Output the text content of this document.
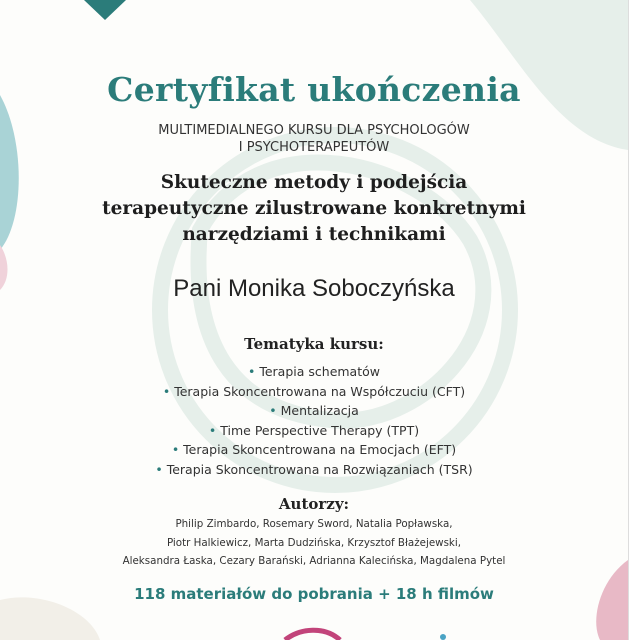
Certyfikat ukończenia
MULTIMEDIALNEGO KURSU DLA PSYCHOLOGÓW
I PSYCHOTERAPEUTÓW
Skuteczne metody i podejścia
terapeutyczne zilustrowane konkretnymi
narzędziami i technikami
Pani Monika Soboczyńska
Tematyka kursu:
• Terapia schematów
• Terapia Skoncentrowana na Współczuciu (CFT)
• Mentalizacja
• Time Perspective Therapy (TPT)
• Terapia Skoncentrowana na Emocjach (EFT)
• Terapia Skoncentrowana na Rozwiązaniach (TSR)
Autorzy:
Philip Zimbardo, Rosemary Sword, Natalia Popławska,
Piotr Halkiewicz, Marta Dudzińska, Krzysztof Błażejewski,
Aleksandra Łaska, Cezary Barański, Adrianna Kalecińska, Magdalena Pytel
118 materiałów do pobrania + 18 h filmów
